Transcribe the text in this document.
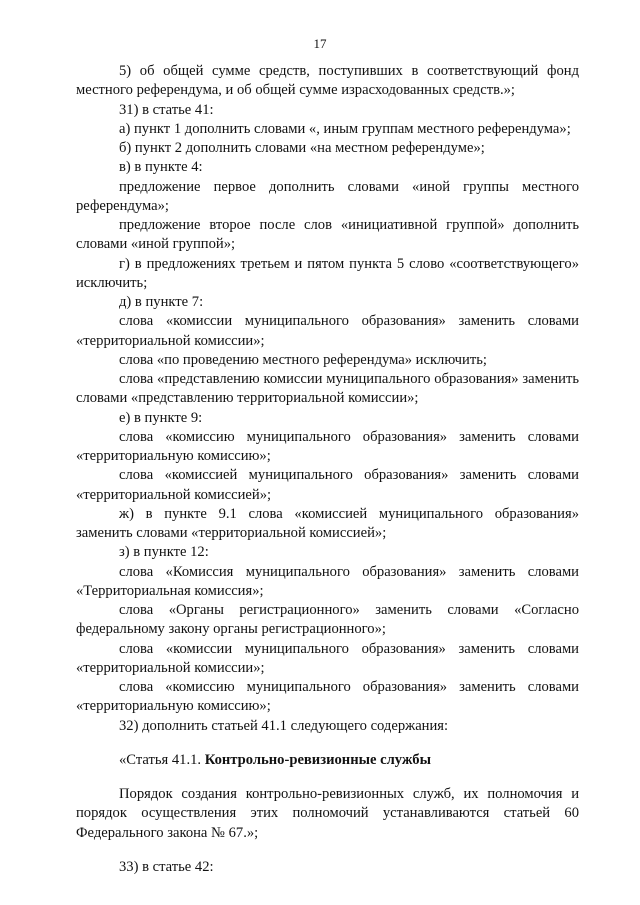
17

5) об общей сумме средств, поступивших в соответствующий фонд местного референдума, и об общей сумме израсходованных средств.»;

31) в статье 41:

а) пункт 1 дополнить словами «, иным группам местного референдума»;

б) пункт 2 дополнить словами «на местном референдуме»;

в) в пункте 4:

предложение первое дополнить словами «иной группы местного референдума»;

предложение второе после слов «инициативной группой» дополнить словами «иной группой»;

г) в предложениях третьем и пятом пункта 5 слово «соответствующего» исключить;

д) в пункте 7:

слова «комиссии муниципального образования» заменить словами «территориальной комиссии»;

слова «по проведению местного референдума» исключить;

слова «представлению комиссии муниципального образования» заменить словами «представлению территориальной комиссии»;

е) в пункте 9:

слова «комиссию муниципального образования» заменить словами «территориальную комиссию»;

слова «комиссией муниципального образования» заменить словами «территориальной комиссией»;

ж) в пункте 9.1 слова «комиссией муниципального образования» заменить словами «территориальной комиссией»;

з) в пункте 12:

слова «Комиссия муниципального образования» заменить словами «Территориальная комиссия»;

слова «Органы регистрационного» заменить словами «Согласно федеральному закону органы регистрационного»;

слова «комиссии муниципального образования» заменить словами «территориальной комиссии»;

слова «комиссию муниципального образования» заменить словами «территориальную комиссию»;

32) дополнить статьей 41.1 следующего содержания:

«Статья 41.1. Контрольно-ревизионные службы

Порядок создания контрольно-ревизионных служб, их полномочия и порядок осуществления этих полномочий устанавливаются статьей 60 Федерального закона № 67.»;

33) в статье 42:
